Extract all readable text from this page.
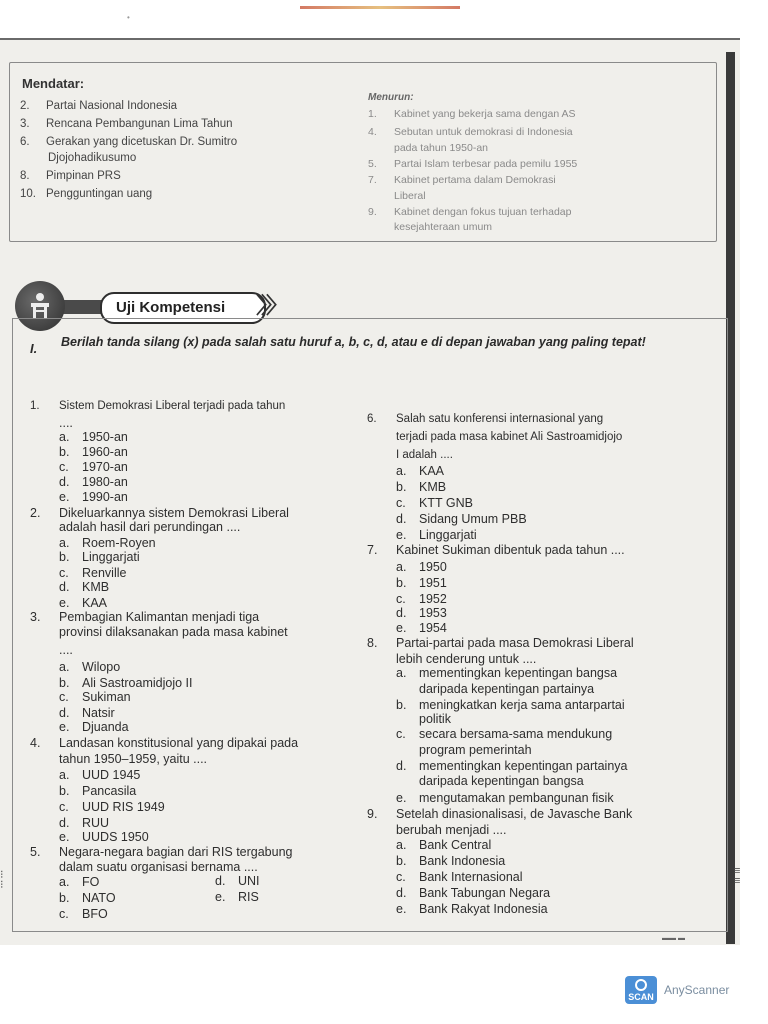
•
≡
≡
⁝
⁝
Mendatar:
2. Partai Nasional Indonesia
3. Rencana Pembangunan Lima Tahun
6. Gerakan yang dicetuskan Dr. Sumitro
Djojohadikusumo
8. Pimpinan PRS
10. Pengguntingan uang
Menurun:
1. Kabinet yang bekerja sama dengan AS
4. Sebutan untuk demokrasi di Indonesia
pada tahun 1950-an
5. Partai Islam terbesar pada pemilu 1955
7. Kabinet pertama dalam Demokrasi
Liberal
9. Kabinet dengan fokus tujuan terhadap
kesejahteraan umum
Uji Kompetensi	〉〉〉
I. Berilah tanda silang (x) pada salah satu huruf a, b, c, d, atau e di depan jawaban yang paling tepat!
1. Sistem Demokrasi Liberal terjadi pada tahun
....
a. 1950-an
b. 1960-an
c. 1970-an
d. 1980-an
e. 1990-an
2. Dikeluarkannya sistem Demokrasi Liberal
adalah hasil dari perundingan ....
a. Roem-Royen
b. Linggarjati
c. Renville
d. KMB
e. KAA
3. Pembagian Kalimantan menjadi tiga
provinsi dilaksanakan pada masa kabinet
....
a. Wilopo
b. Ali Sastroamidjojo II
c. Sukiman
d. Natsir
e. Djuanda
4. Landasan konstitusional yang dipakai pada
tahun 1950–1959, yaitu ....
a. UUD 1945
b. Pancasila
c. UUD RIS 1949
d. RUU
e. UUDS 1950
5. Negara-negara bagian dari RIS tergabung
dalam suatu organisasi bernama ....
a. FO	d. UNI
b. NATO	e. RIS
c. BFO
6. Salah satu konferensi internasional yang
terjadi pada masa kabinet Ali Sastroamidjojo
I adalah ....
a. KAA
b. KMB
c. KTT GNB
d. Sidang Umum PBB
e. Linggarjati
7. Kabinet Sukiman dibentuk pada tahun ....
a. 1950
b. 1951
c. 1952
d. 1953
e. 1954
8. Partai-partai pada masa Demokrasi Liberal
lebih cenderung untuk ....
a. mementingkan kepentingan bangsa
daripada kepentingan partainya
b. meningkatkan kerja sama antarpartai
politik
c. secara bersama-sama mendukung
program pemerintah
d. mementingkan kepentingan partainya
daripada kepentingan bangsa
e. mengutamakan pembangunan fisik
9. Setelah dinasionalisasi, de Javasche Bank
berubah menjadi ....
a. Bank Central
b. Bank Indonesia
c. Bank Internasional
d. Bank Tabungan Negara
e. Bank Rakyat Indonesia
▬▬ ▬
SCAN AnyScanner
